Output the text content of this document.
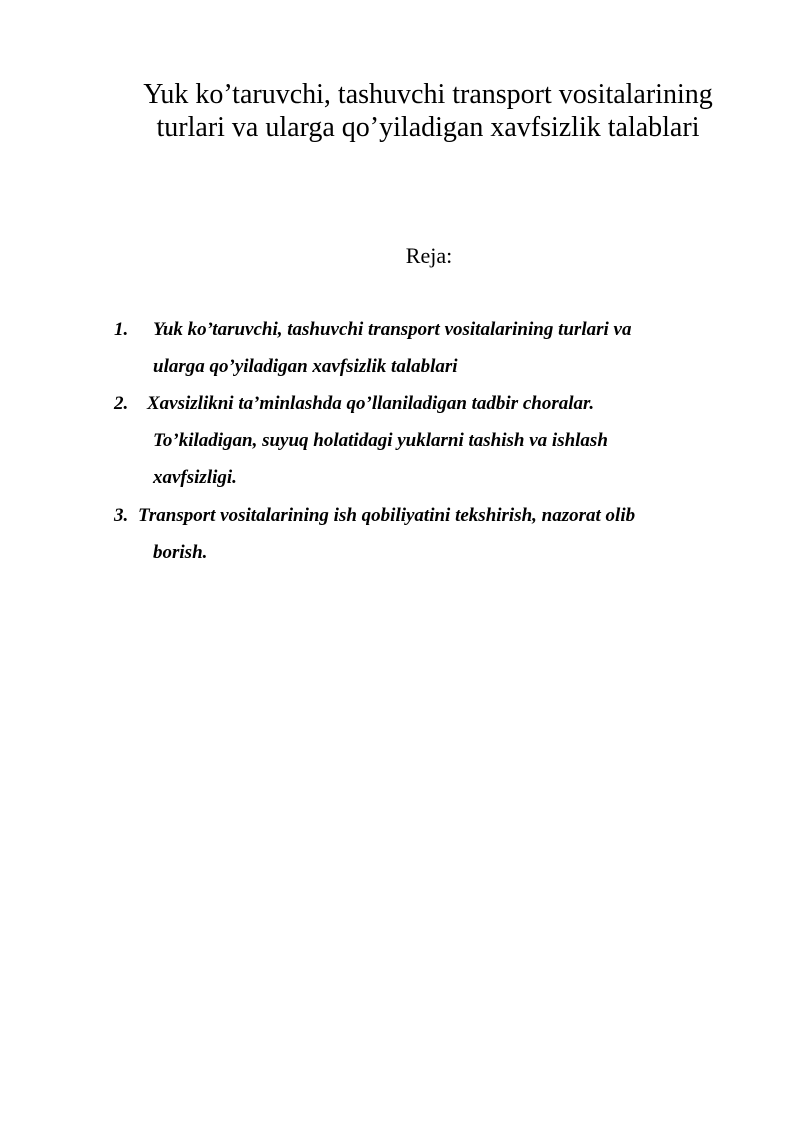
Yuk ko’taruvchi, tashuvchi transport vositalarining
turlari va ularga qo’yiladigan xavfsizlik talablari
Reja:
1. Yuk ko’taruvchi, tashuvchi transport vositalarining turlari va
ularga qo’yiladigan xavfsizlik talablari
2. Xavsizlikni ta’minlashda qo’llaniladigan tadbir choralar.
To’kiladigan, suyuq holatidagi yuklarni tashish va ishlash
xavfsizligi.
3. Transport vositalarining ish qobiliyatini tekshirish, nazorat olib
borish.
